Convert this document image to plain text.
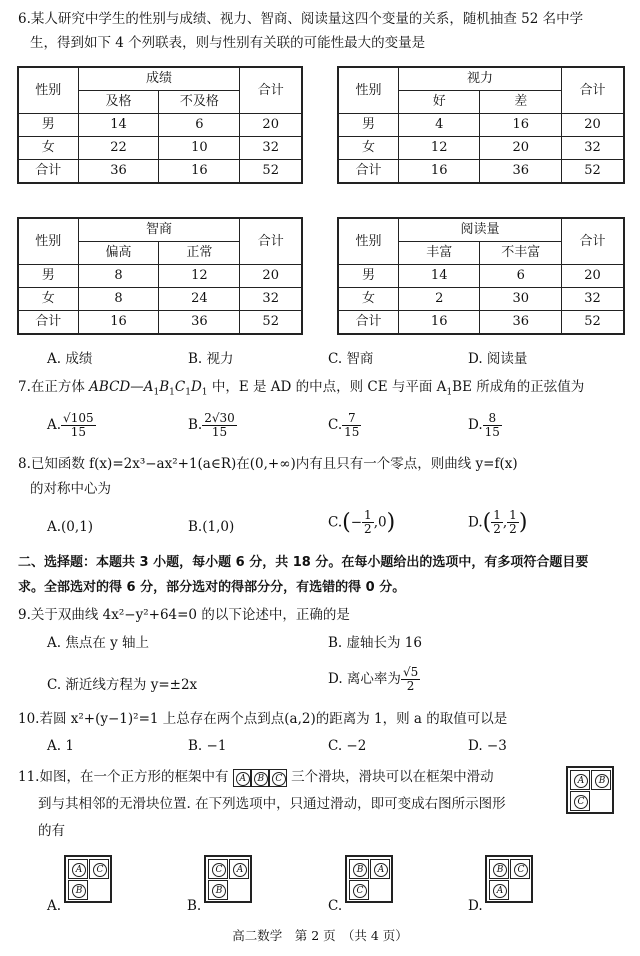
6.某人研究中学生的性别与成绩、视力、智商、阅读量这四个变量的关系，随机抽查 52 名中学
生，得到如下 4 个列联表，则与性别有关联的可能性最大的变量是
性别	成绩		合计
	及格	不及格	
男	14	6	20
女	22	10	32
合计	36	16	52
性别	视力		合计
	好	差	
男	4	16	20
女	12	20	32
合计	16	36	52
性别	智商		合计
	偏高	正常	
男	8	12	20
女	8	24	32
合计	16	36	52
性别	阅读量		合计
	丰富	不丰富	
男	14	6	20
女	2	30	32
合计	16	36	52
A. 成绩	B. 视力	C. 智商	D. 阅读量
7.在正方体 $ABCD—A_1B_1C_1D_1$ 中，E 是 AD 的中点，则 CE 与平面 $A_1BE$ 所成角的正弦值为
A. $\frac{√105}{15}$	B. $\frac{2√30}{15}$	C. $\frac{7}{15}$	D. $\frac{8}{15}$
8.已知函数 f(x)=2x³−ax²+1(a∈R)在(0,+∞)内有且只有一个零点，则曲线 y=f(x)
的对称中心为
A.(0,1)	B.(1,0)	$C.(- \frac{1}{2} ,0)$	$D.( \frac{1}{2}$ , $\frac{1}{2}$ )
二、选择题：本题共 3 小题，每小题 6 分，共 18 分。在每小题给出的选项中，有多项符合题目要
求。全部选对的得 6 分，部分选对的得部分分，有选错的得 0 分。
9.关于双曲线 4x²−y²+64=0 的以下论述中，正确的是
A. 焦点在 y 轴上	B. 虚轴长为 16
C. 渐近线方程为 y=±2x	D. 离心率为 $\frac{√5}{2}$
10.若圆 x²+(y−1)²=1 上总存在两个点到点(a,2)的距离为 1，则 a 的取值可以是
A. 1	B. −1	C. −2	D. −3
11.如图，在一个正方形的框架中有	A	B	C 三个滑块，滑块可以在框架中滑动
到与其相邻的无滑块位置. 在下列选项中，只通过滑动，即可变成右图所示图形
的有
A	B
C
A.
A	C
B
B.
C	A
B
C.
B	A
C
D.
B	C
A
高二数学　第 2 页　（共 4 页）
